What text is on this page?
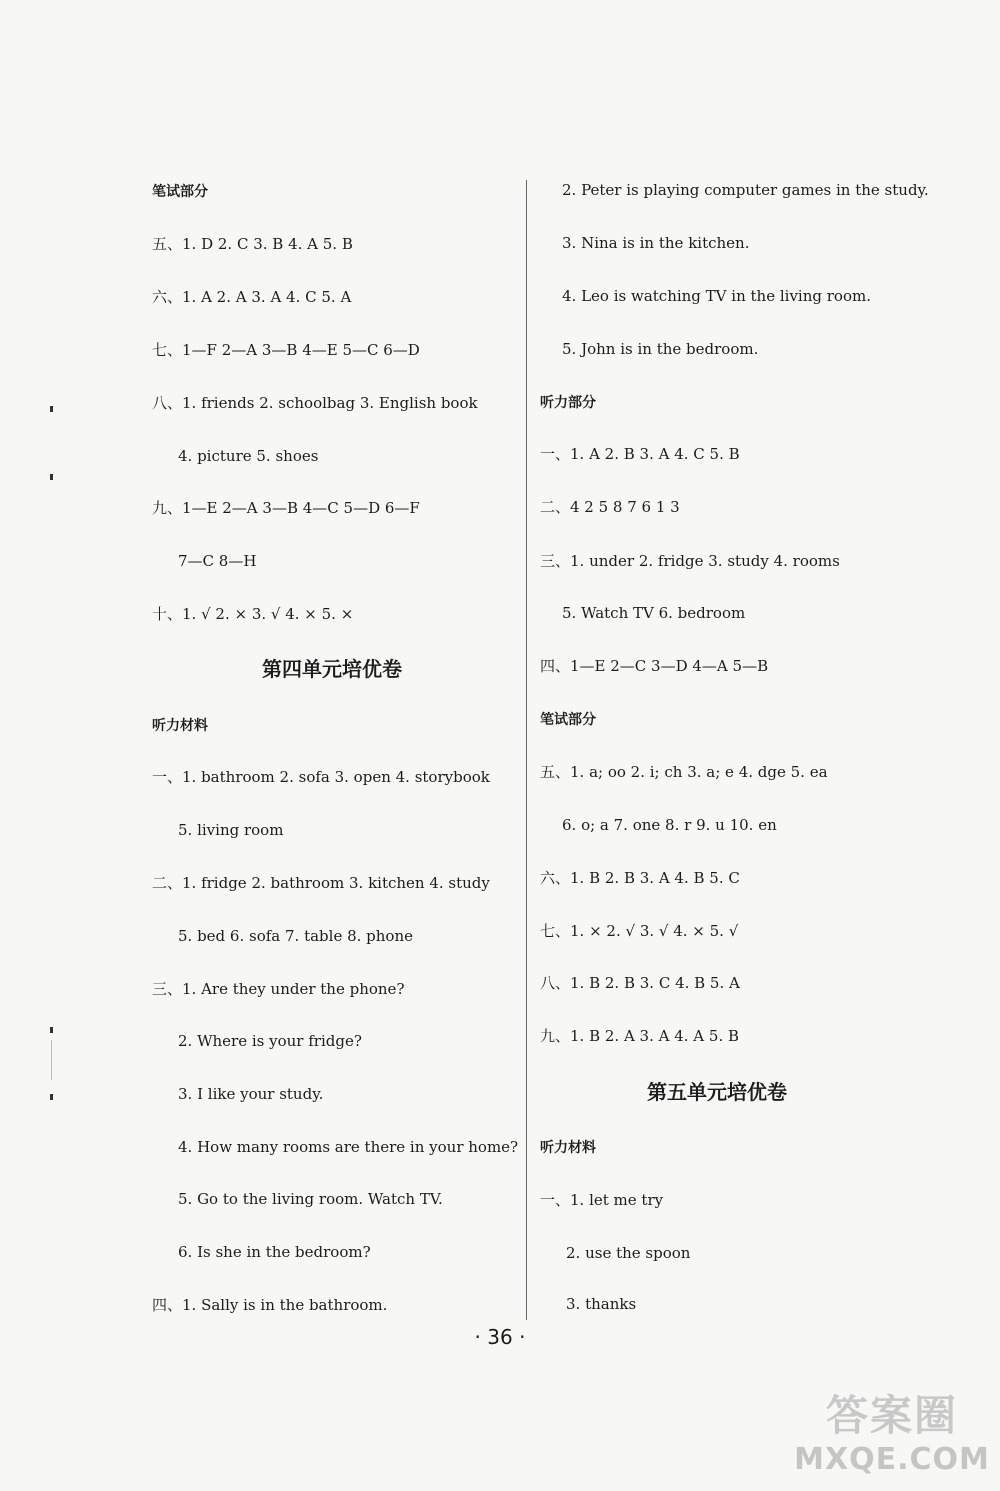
笔试部分
五、1. D 2. C 3. B 4. A 5. B
六、1. A 2. A 3. A 4. C 5. A
七、1—F 2—A 3—B 4—E 5—C 6—D
八、1. friends 2. schoolbag 3. English book
4. picture 5. shoes
九、1—E 2—A 3—B 4—C 5—D 6—F
7—C 8—H
十、1. √ 2. × 3. √ 4. × 5. ×
第四单元培优卷
听力材料
一、1. bathroom 2. sofa 3. open 4. storybook
5. living room
二、1. fridge 2. bathroom 3. kitchen 4. study
5. bed 6. sofa 7. table 8. phone
三、1. Are they under the phone?
2. Where is your fridge?
3. I like your study.
4. How many rooms are there in your home?
5. Go to the living room. Watch TV.
6. Is she in the bedroom?
四、1. Sally is in the bathroom.
2. Peter is playing computer games in the study.
3. Nina is in the kitchen.
4. Leo is watching TV in the living room.
5. John is in the bedroom.
听力部分
一、1. A 2. B 3. A 4. C 5. B
二、4 2 5 8 7 6 1 3
三、1. under 2. fridge 3. study 4. rooms
5. Watch TV 6. bedroom
四、1—E 2—C 3—D 4—A 5—B
笔试部分
五、1. a; oo 2. i; ch 3. a; e 4. dge 5. ea
6. o; a 7. one 8. r 9. u 10. en
六、1. B 2. B 3. A 4. B 5. C
七、1. × 2. √ 3. √ 4. × 5. √
八、1. B 2. B 3. C 4. B 5. A
九、1. B 2. A 3. A 4. A 5. B
第五单元培优卷
听力材料
一、1. let me try
2. use the spoon
3. thanks
· 36 ·
答案圈
MXQE.COM
